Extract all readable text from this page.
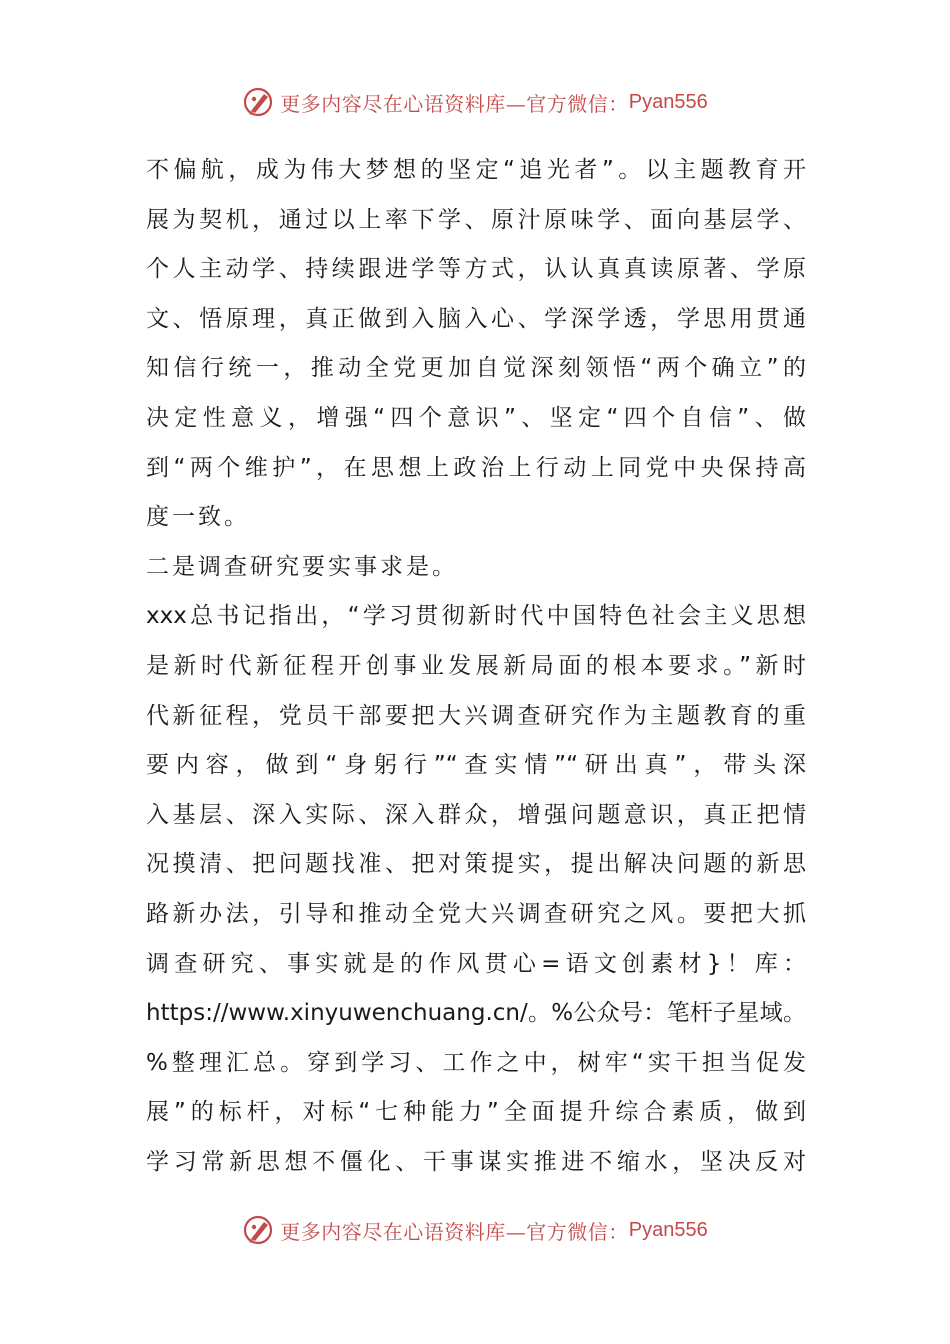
更多内容尽在心语资料库—官方微信： Pyan556
不偏航，成为伟大梦想的坚定“追光者”。以主题教育开
展为契机，通过以上率下学、原汁原味学、面向基层学、
个人主动学、持续跟进学等方式，认认真真读原著、学原
文、悟原理，真正做到入脑入心、学深学透，学思用贯通
知信行统一，推动全党更加自觉深刻领悟“两个确立”的
决定性意义，增强“四个意识”、坚定“四个自信”、做
到“两个维护”，在思想上政治上行动上同党中央保持高
度一致。
二是调查研究要实事求是。
xxx总书记指出，“学习贯彻新时代中国特色社会主义思想
是新时代新征程开创事业发展新局面的根本要求。”新时
代新征程，党员干部要把大兴调查研究作为主题教育的重
要内容，做到“身躬行”“查实情”“研出真”，带头深
入基层、深入实际、深入群众，增强问题意识，真正把情
况摸清、把问题找准、把对策提实，提出解决问题的新思
路新办法，引导和推动全党大兴调查研究之风。要把大抓
调查研究、事实就是的作风贯心=语文创素材}！库：
https://www.xinyuwenchuang.cn/。%公众号：笔杆子星域。
%整理汇总。穿到学习、工作之中，树牢“实干担当促发
展”的标杆，对标“七种能力”全面提升综合素质，做到
学习常新思想不僵化、干事谋实推进不缩水，坚决反对
更多内容尽在心语资料库—官方微信： Pyan556
